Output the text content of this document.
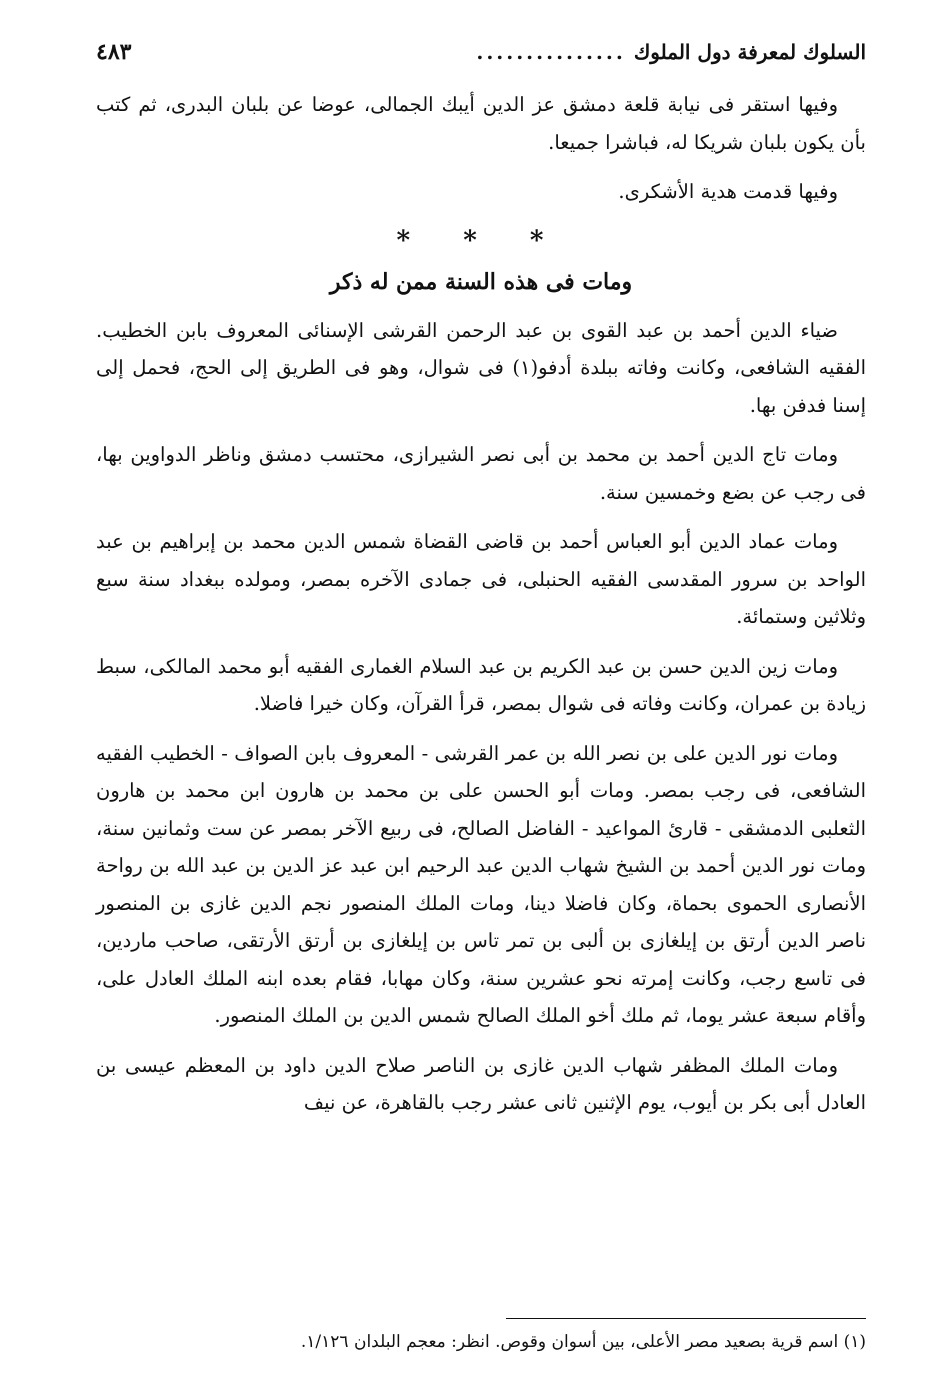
السلوك لمعرفة دول الملوك
...............
٤٨٣

وفيها استقر فى نيابة قلعة دمشق عز الدين أيبك الجمالى، عوضا عن بلبان البدرى، ثم كتب بأن يكون بلبان شريكا له، فباشرا جميعا.

وفيها قدمت هدية الأشكرى.

* * *
ومات فى هذه السنة ممن له ذكر

ضياء الدين أحمد بن عبد القوى بن عبد الرحمن القرشى الإسنائى المعروف بابن الخطيب. الفقيه الشافعى، وكانت وفاته ببلدة أدفو(١) فى شوال، وهو فى الطريق إلى الحج، فحمل إلى إسنا فدفن بها.

ومات تاج الدين أحمد بن محمد بن أبى نصر الشيرازى، محتسب دمشق وناظر الدواوين بها، فى رجب عن بضع وخمسين سنة.

ومات عماد الدين أبو العباس أحمد بن قاضى القضاة شمس الدين محمد بن إبراهيم بن عبد الواحد بن سرور المقدسى الفقيه الحنبلى، فى جمادى الآخره بمصر، ومولده ببغداد سنة سبع وثلاثين وستمائة.

ومات زين الدين حسن بن عبد الكريم بن عبد السلام الغمارى الفقيه أبو محمد المالكى، سبط زيادة بن عمران، وكانت وفاته فى شوال بمصر، قرأ القرآن، وكان خيرا فاضلا.

ومات نور الدين على بن نصر الله بن عمر القرشى - المعروف بابن الصواف - الخطيب الفقيه الشافعى، فى رجب بمصر. ومات أبو الحسن على بن محمد بن هارون ابن محمد بن هارون الثعلبى الدمشقى - قارئ المواعيد - الفاضل الصالح، فى ربيع الآخر بمصر عن ست وثمانين سنة، ومات نور الدين أحمد بن الشيخ شهاب الدين عبد الرحيم ابن عبد عز الدين بن عبد الله بن رواحة الأنصارى الحموى بحماة، وكان فاضلا دينا، ومات الملك المنصور نجم الدين غازى بن المنصور ناصر الدين أرتق بن إيلغازى بن ألبى بن تمر تاس بن إيلغازى بن أرتق الأرتقى، صاحب ماردين، فى تاسع رجب، وكانت إمرته نحو عشرين سنة، وكان مهابا، فقام بعده ابنه الملك العادل على، وأقام سبعة عشر يوما، ثم ملك أخو الملك الصالح شمس الدين بن الملك المنصور.

ومات الملك المظفر شهاب الدين غازى بن الناصر صلاح الدين داود بن المعظم عيسى بن العادل أبى بكر بن أيوب، يوم الإثنين ثانى عشر رجب بالقاهرة، عن نيف

(١) اسم قرية بصعيد مصر الأعلى، بين أسوان وقوص. انظر: معجم البلدان ١/١٢٦.
